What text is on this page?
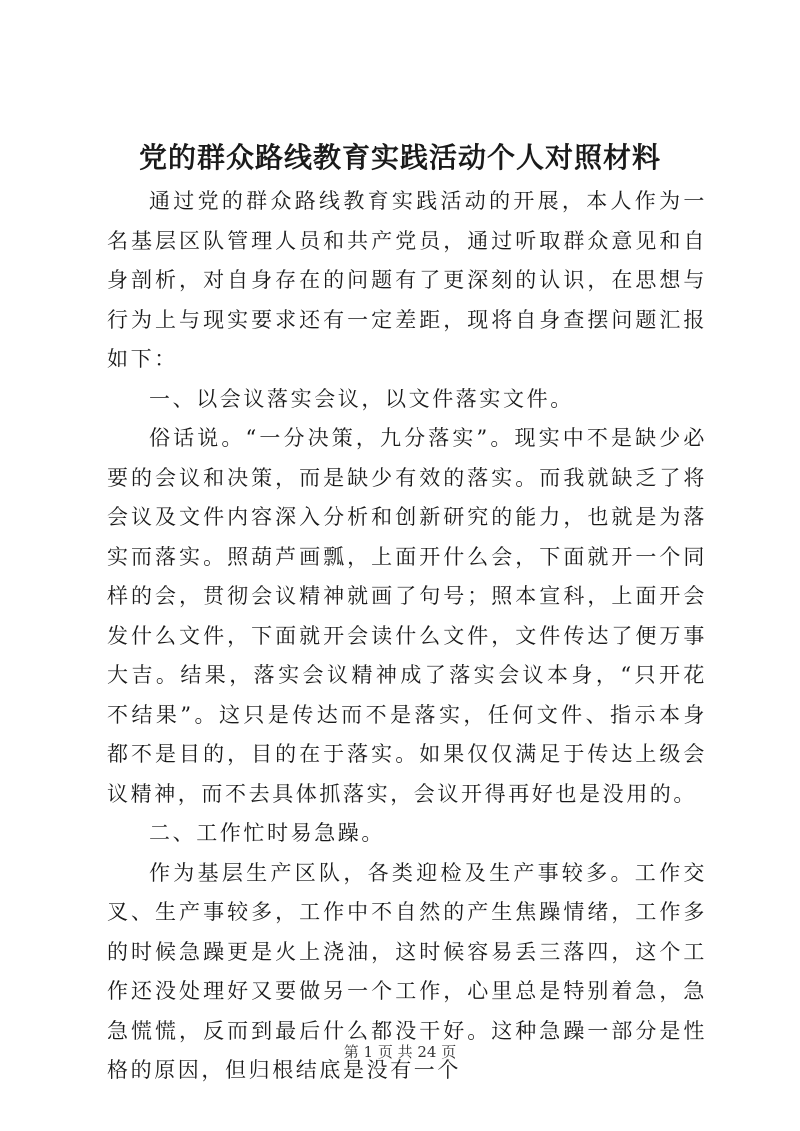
党的群众路线教育实践活动个人对照材料

通过党的群众路线教育实践活动的开展，本人作为一名基层区队管理人员和共产党员，通过听取群众意见和自身剖析，对自身存在的问题有了更深刻的认识，在思想与行为上与现实要求还有一定差距，现将自身查摆问题汇报如下：

一、以会议落实会议，以文件落实文件。

俗话说。“一分决策，九分落实”。现实中不是缺少必要的会议和决策，而是缺少有效的落实。而我就缺乏了将会议及文件内容深入分析和创新研究的能力，也就是为落实而落实。照葫芦画瓢，上面开什么会，下面就开一个同样的会，贯彻会议精神就画了句号；照本宣科，上面开会发什么文件，下面就开会读什么文件，文件传达了便万事大吉。结果，落实会议精神成了落实会议本身，“只开花不结果”。这只是传达而不是落实，任何文件、指示本身都不是目的，目的在于落实。如果仅仅满足于传达上级会议精神，而不去具体抓落实，会议开得再好也是没用的。

二、工作忙时易急躁。

作为基层生产区队，各类迎检及生产事较多。工作交叉、生产事较多，工作中不自然的产生焦躁情绪，工作多的时候急躁更是火上浇油，这时候容易丢三落四，这个工作还没处理好又要做另一个工作，心里总是特别着急，急急慌慌，反而到最后什么都没干好。这种急躁一部分是性格的原因，但归根结底是没有一个

第 1 页 共 24 页
